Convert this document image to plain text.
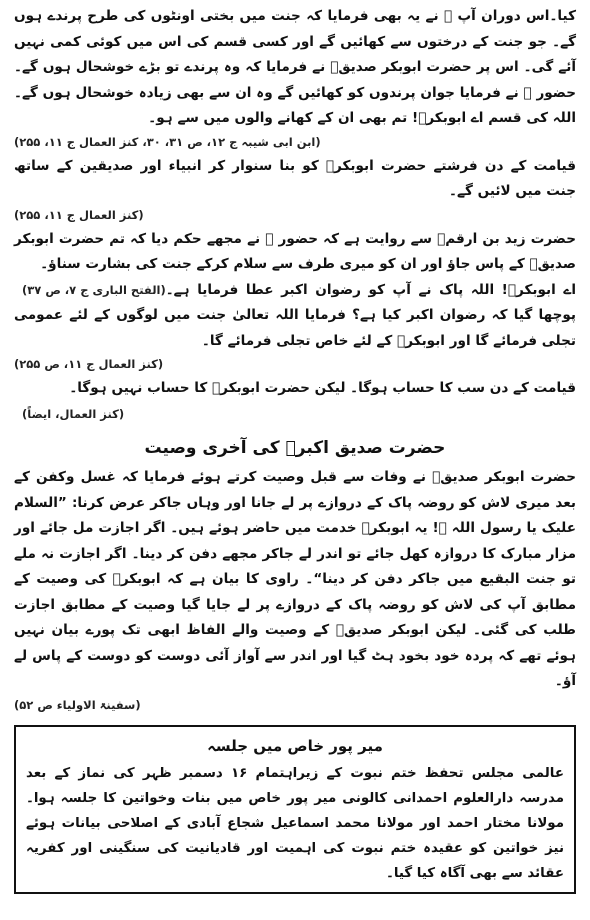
کیا۔اس دوران آپ ﷺ نے یہ بھی فرمایا کہ جنت میں بختی اونٹوں کی طرح پرندے ہوں گے۔ جو جنت کے درختوں سے کھائیں گے اور کسی قسم کی اس میں کوئی کمی نہیں آئے گی۔ اس پر حضرت ابوبکر صدیقؓ نے فرمایا کہ وہ پرندے تو بڑے خوشحال ہوں گے۔ حضور ﷺ نے فرمایا جوان پرندوں کو کھائیں گے وہ ان سے بھی زیادہ خوشحال ہوں گے۔ اللہ کی قسم اے ابوبکرؓ! تم بھی ان کے کھانے والوں میں سے ہو۔

(ابن ابی شیبہ ج ۱۲، ص ۳۱، ۳۰، کنز العمال ج ۱۱، ۲۵۵)

قیامت کے دن فرشتے حضرت ابوبکرؓ کو بنا سنوار کر انبیاء اور صدیقین کے ساتھ جنت میں لائیں گے۔

(کنز العمال ج ۱۱، ۲۵۵)

حضرت زید بن ارقمؓ سے روایت ہے کہ حضور ﷺ نے مجھے حکم دیا کہ تم حضرت ابوبکر صدیقؓ کے پاس جاؤ اور ان کو میری طرف سے سلام کرکے جنت کی بشارت سناؤ۔
(الفتح الباری ج ۷، ص ۳۷) اے ابوبکرؓ! اللہ پاک نے آپ کو رضوان اکبر عطا فرمایا ہے۔ پوچھا گیا کہ رضوان اکبر کیا ہے؟ فرمایا اللہ تعالیٰ جنت میں لوگوں کے لئے عمومی تجلی فرمائے گا اور ابوبکرؓ کے لئے خاص تجلی فرمائے گا۔

(کنز العمال ج ۱۱، ص ۲۵۵)

قیامت کے دن سب کا حساب ہوگا۔ لیکن حضرت ابوبکرؓ کا حساب نہیں ہوگا۔
(کنز العمال، ایضاً)

حضرت صدیق اکبرؓ کی آخری وصیت

حضرت ابوبکر صدیقؓ نے وفات سے قبل وصیت کرتے ہوئے فرمایا کہ غسل وکفن کے بعد میری لاش کو روضہ پاک کے دروازے پر لے جانا اور وہاں جاکر عرض کرنا: ”السلام علیک یا رسول اللہ ﷺ! یہ ابوبکرؓ خدمت میں حاضر ہوئے ہیں۔ اگر اجازت مل جائے اور مزار مبارک کا دروازہ کھل جائے تو اندر لے جاکر مجھے دفن کر دینا۔ اگر اجازت نہ ملے تو جنت البقیع میں جاکر دفن کر دینا“۔ راوی کا بیان ہے کہ ابوبکرؓ کی وصیت کے مطابق آپ کی لاش کو روضہ پاک کے دروازے پر لے جایا گیا وصیت کے مطابق اجازت طلب کی گئی۔ لیکن ابوبکر صدیقؓ کے وصیت والے الفاظ ابھی تک پورے بیان نہیں ہوئے تھے کہ پردہ خود بخود ہٹ گیا اور اندر سے آواز آئی دوست کو دوست کے پاس لے آؤ۔

(سفینۃ الاولیاء ص ۵۲)

میر پور خاص میں جلسہ

عالمی مجلس تحفظ ختم نبوت کے زیراہتمام ۱۶ دسمبر ظہر کی نماز کے بعد مدرسہ دارالعلوم احمدانی کالونی میر پور خاص میں بنات وخواتین کا جلسہ ہوا۔ مولانا مختار احمد اور مولانا محمد اسماعیل شجاع آبادی کے اصلاحی بیانات ہوئے نیز خواتین کو عقیدہ ختم نبوت کی اہمیت اور قادیانیت کی سنگینی اور کفریہ عقائد سے بھی آگاہ کیا گیا۔
